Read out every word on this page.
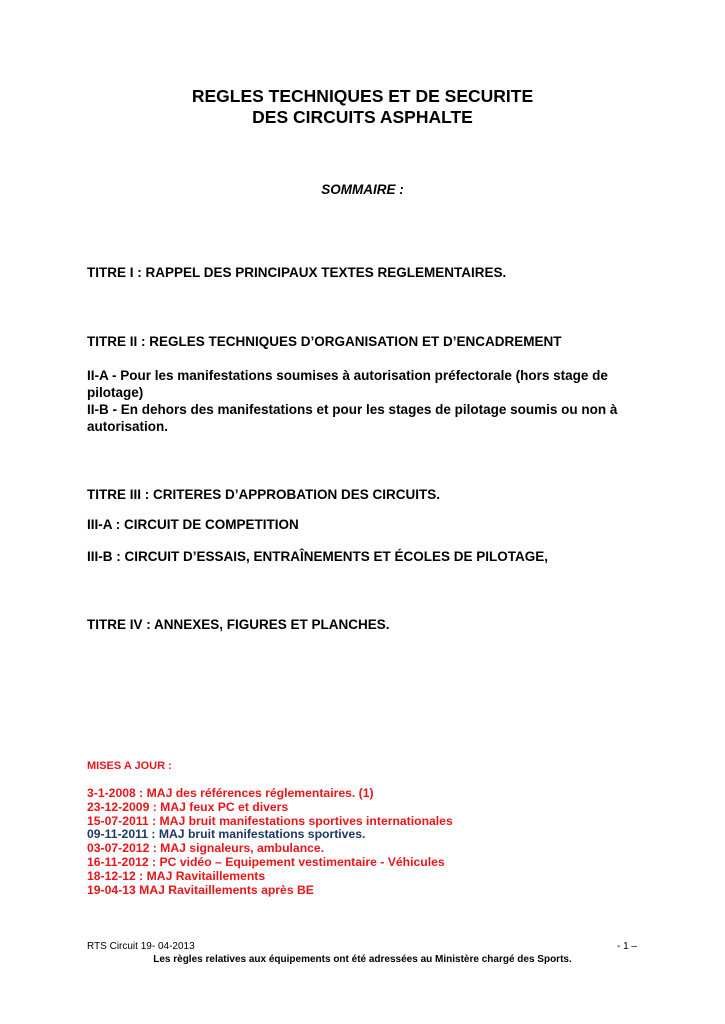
REGLES TECHNIQUES ET DE SECURITE
DES CIRCUITS ASPHALTE
SOMMAIRE :
TITRE I : RAPPEL DES PRINCIPAUX TEXTES REGLEMENTAIRES.
TITRE II : REGLES TECHNIQUES D’ORGANISATION ET D’ENCADREMENT
II-A - Pour les manifestations soumises à autorisation préfectorale (hors stage de pilotage)
II-B - En dehors des manifestations et pour les stages de pilotage soumis ou non à autorisation.
TITRE III : CRITERES D’APPROBATION DES CIRCUITS.
III-A : CIRCUIT DE COMPETITION
III-B : CIRCUIT D’ESSAIS, ENTRAÎNEMENTS ET ÉCOLES DE PILOTAGE,
TITRE IV : ANNEXES, FIGURES ET PLANCHES.
MISES A JOUR :
3-1-2008 : MAJ des références réglementaires. (1)
23-12-2009 : MAJ feux PC et divers
15-07-2011 : MAJ bruit manifestations sportives internationales
09-11-2011 : MAJ bruit manifestations sportives.
03-07-2012 : MAJ signaleurs, ambulance.
16-11-2012 : PC vidéo – Equipement vestimentaire - Véhicules
18-12-12 : MAJ Ravitaillements
19-04-13 MAJ Ravitaillements après BE
RTS Circuit 19- 04-2013	- 1 –
Les règles relatives aux équipements ont été adressées au Ministère chargé des Sports.
